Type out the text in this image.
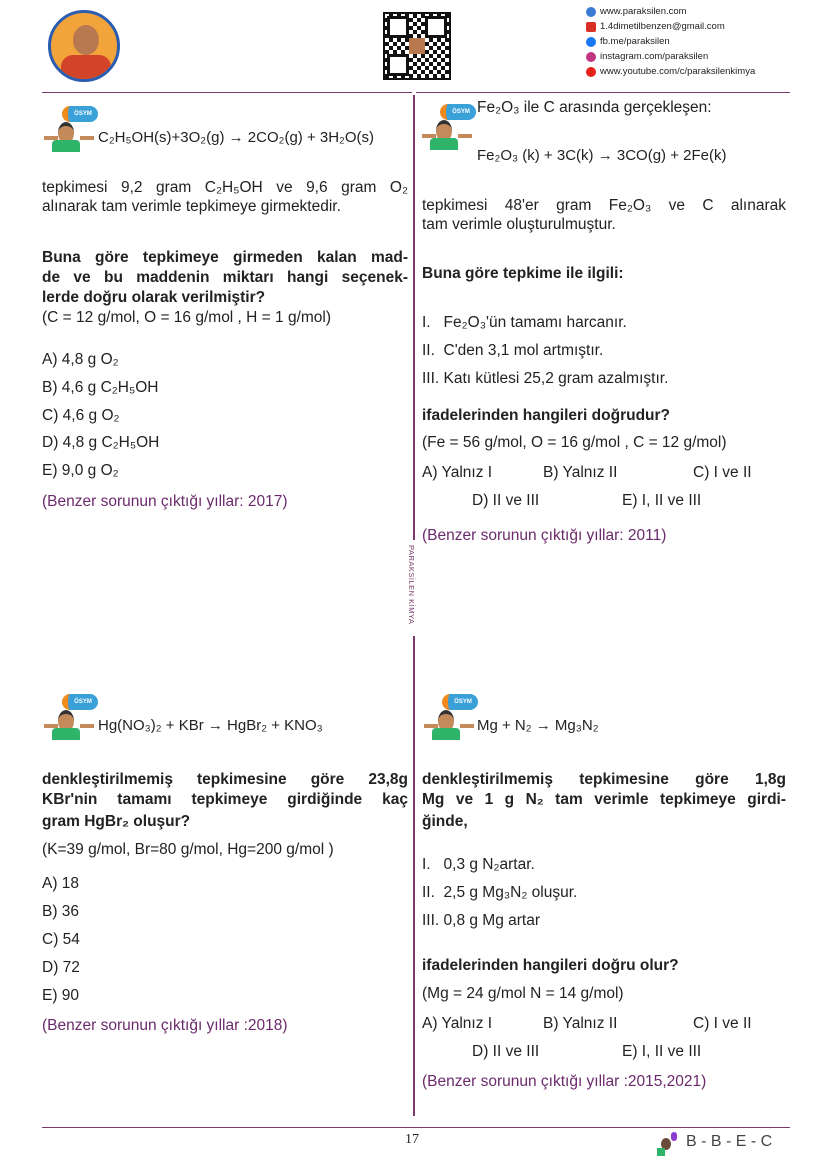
www.paraksilen.com
1.4dimetilbenzen@gmail.com
fb.me/paraksilen
instagram.com/paraksilen
www.youtube.com/c/paraksilenkimya
PARAKSİLEN KİMYA
ÖSYM
C₂H₅OH(s)+3O₂(g) → 2CO₂(g) + 3H₂O(s)
tepkimesi 9,2 gram C₂H₅OH ve 9,6 gram O₂
alınarak tam verimle tepkimeye girmektedir.
Buna göre tepkimeye girmeden kalan mad-
de ve bu maddenin miktarı hangi seçenek-
lerde doğru olarak verilmiştir?
(C = 12 g/mol, O = 16 g/mol , H = 1 g/mol)
A) 4,8 g O₂
B) 4,6 g C₂H₅OH
C) 4,6 g O₂
D) 4,8 g C₂H₅OH
E) 9,0 g O₂
(Benzer sorunun çıktığı yıllar: 2017)
ÖSYM Fe₂O₃ ile C arasında gerçekleşen:
Fe₂O₃ (k) + 3C(k) → 3CO(g) + 2Fe(k)
tepkimesi 48'er gram Fe₂O₃ ve C alınarak
tam verimle oluşturulmuştur.
Buna göre tepkime ile ilgili:
I.   Fe₂O₃'ün tamamı harcanır.
II.  C'den 3,1 mol artmıştır.
III. Katı kütlesi 25,2 gram azalmıştır.
ifadelerinden hangileri doğrudur?
(Fe = 56 g/mol, O = 16 g/mol , C = 12 g/mol)
A) Yalnız I	B) Yalnız II	C) I ve II
D) II ve III	E) I, II ve III
(Benzer sorunun çıktığı yıllar: 2011)
ÖSYM
Hg(NO₃)₂ + KBr → HgBr₂ + KNO₃
denkleştirilmemiş tepkimesine göre 23,8g
KBr'nin tamamı tepkimeye girdiğinde kaç
gram HgBr₂ oluşur?
(K=39 g/mol, Br=80 g/mol, Hg=200 g/mol )
A) 18
B) 36
C) 54
D) 72
E) 90
(Benzer sorunun çıktığı yıllar :2018)
ÖSYM
Mg + N₂ → Mg₃N₂
denkleştirilmemiş tepkimesine göre 1,8g
Mg ve 1 g N₂ tam verimle tepkimeye girdi-
ğinde,
I.   0,3 g N₂artar.
II.  2,5 g Mg₃N₂ oluşur.
III. 0,8 g Mg artar
ifadelerinden hangileri doğru olur?
(Mg = 24 g/mol N = 14 g/mol)
A) Yalnız I	B) Yalnız II	C) I ve II
D) II ve III	E) I, II ve III
(Benzer sorunun çıktığı yıllar :2015,2021)
17	B - B - E - C
